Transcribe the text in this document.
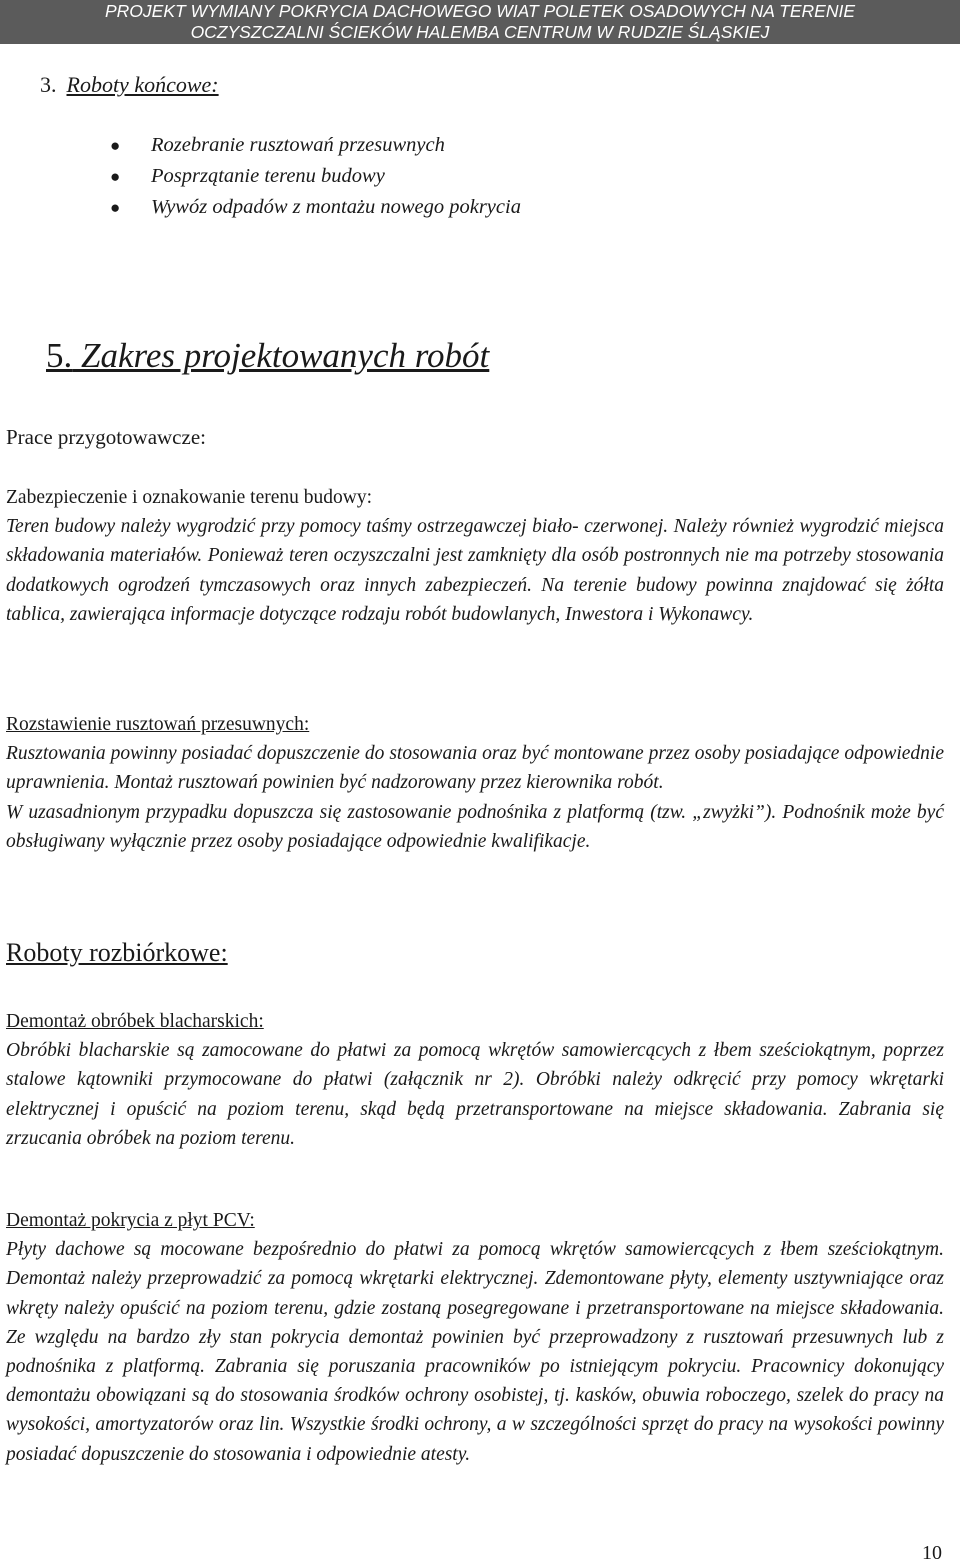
PROJEKT WYMIANY POKRYCIA DACHOWEGO WIAT POLETEK OSADOWYCH NA TERENIE
OCZYSZCZALNI ŚCIEKÓW HALEMBA CENTRUM W RUDZIE ŚLĄSKIEJ
3. Roboty końcowe:
● Rozebranie rusztowań przesuwnych
● Posprzątanie terenu budowy
● Wywóz odpadów z montażu nowego pokrycia
5. Zakres projektowanych robót
Prace przygotowawcze:
Zabezpieczenie i oznakowanie terenu budowy:
Teren budowy należy wygrodzić przy pomocy taśmy ostrzegawczej biało- czerwonej. Należy również wygrodzić miejsca składowania materiałów. Ponieważ teren oczyszczalni jest zamknięty dla osób postronnych nie ma potrzeby stosowania dodatkowych ogrodzeń tymczasowych oraz innych zabezpieczeń. Na terenie budowy powinna znajdować się żółta tablica, zawierająca informacje dotyczące rodzaju robót budowlanych, Inwestora i Wykonawcy.
Rozstawienie rusztowań przesuwnych:
Rusztowania powinny posiadać dopuszczenie do stosowania oraz być montowane przez osoby posiadające odpowiednie uprawnienia. Montaż rusztowań powinien być nadzorowany przez kierownika robót.
W uzasadnionym przypadku dopuszcza się zastosowanie podnośnika z platformą (tzw. „zwyżki”). Podnośnik może być obsługiwany wyłącznie przez osoby posiadające odpowiednie kwalifikacje.
Roboty rozbiórkowe:
Demontaż obróbek blacharskich:
Obróbki blacharskie są zamocowane do płatwi za pomocą wkrętów samowiercących z łbem sześciokątnym, poprzez stalowe kątowniki przymocowane do płatwi (załącznik nr 2). Obróbki należy odkręcić przy pomocy wkrętarki elektrycznej i opuścić na poziom terenu, skąd będą przetransportowane na miejsce składowania. Zabrania się zrzucania obróbek na poziom terenu.
Demontaż pokrycia z płyt PCV:
Płyty dachowe są mocowane bezpośrednio do płatwi za pomocą wkrętów samowiercących z łbem sześciokątnym. Demontaż należy przeprowadzić za pomocą wkrętarki elektrycznej. Zdemontowane płyty, elementy usztywniające oraz wkręty należy opuścić na poziom terenu, gdzie zostaną posegregowane i przetransportowane na miejsce składowania. Ze względu na bardzo zły stan pokrycia demontaż powinien być przeprowadzony z rusztowań przesuwnych lub z podnośnika z platformą. Zabrania się poruszania pracowników po istniejącym pokryciu. Pracownicy dokonujący demontażu obowiązani są do stosowania środków ochrony osobistej, tj. kasków, obuwia roboczego, szelek do pracy na wysokości, amortyzatorów oraz lin. Wszystkie środki ochrony, a w szczególności sprzęt do pracy na wysokości powinny posiadać dopuszczenie do stosowania i odpowiednie atesty.
10
